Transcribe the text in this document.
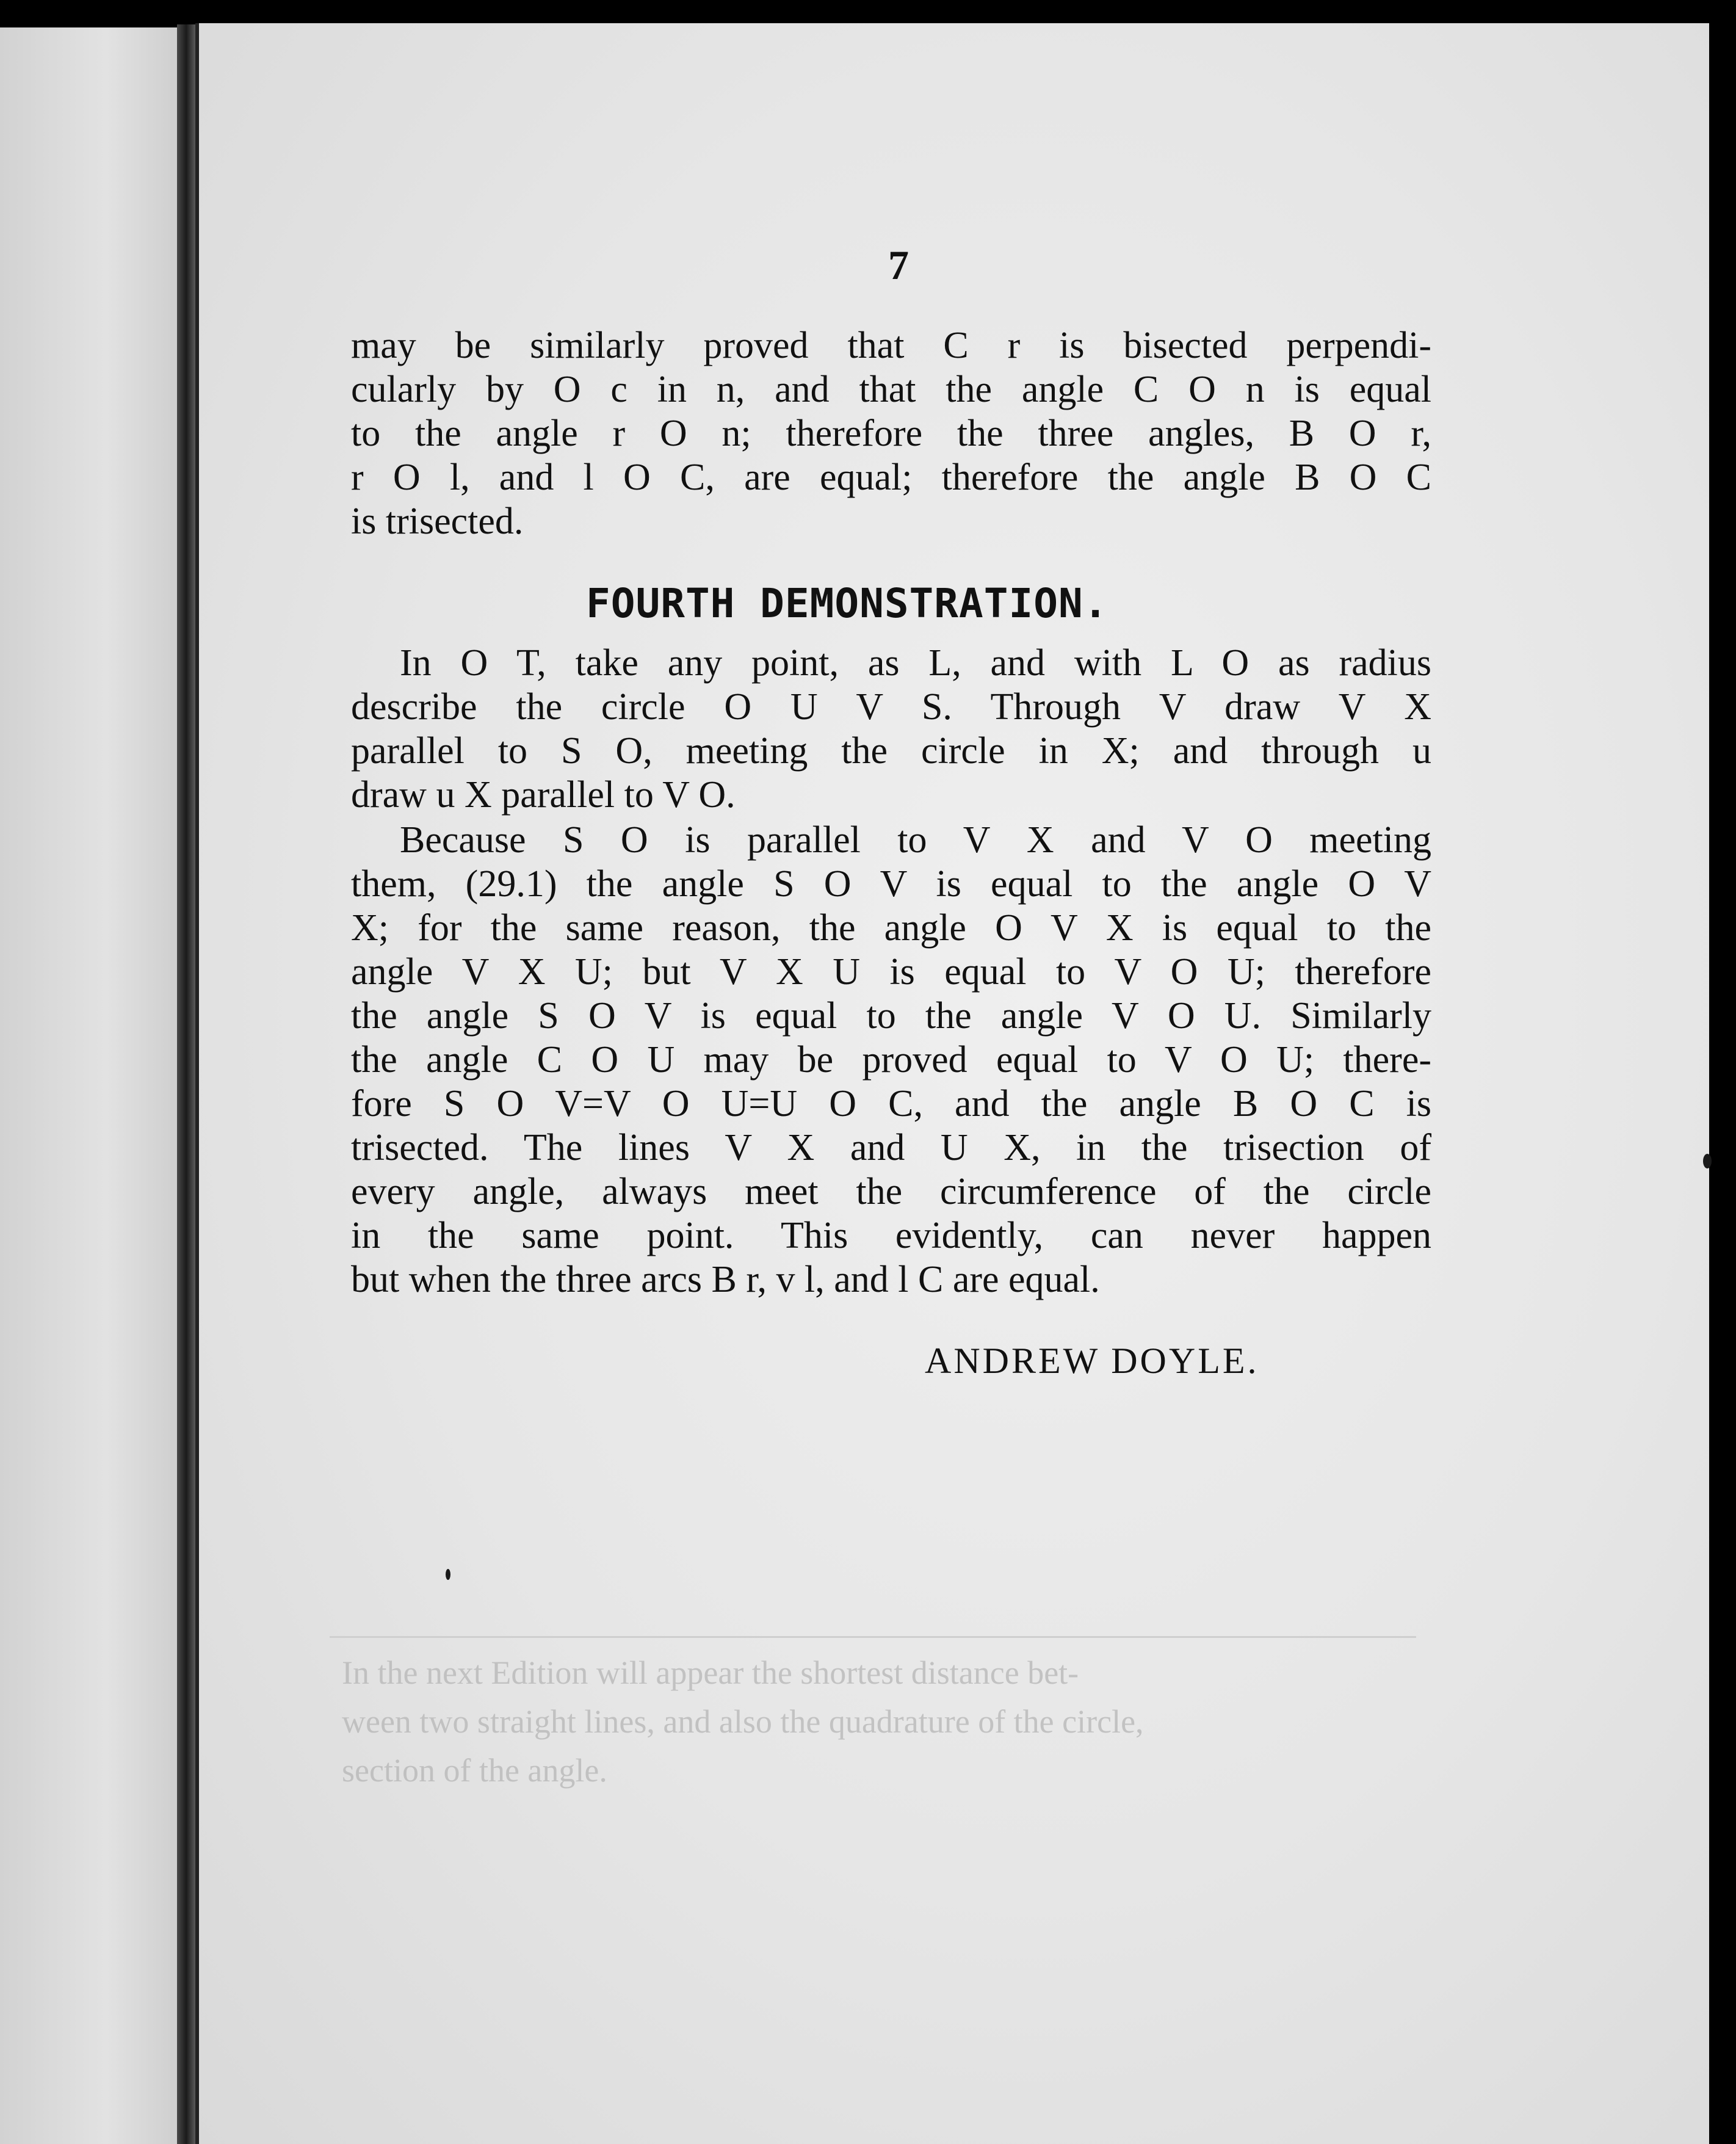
7
may be similarly proved that C r is bisected perpendi-
cularly by O c in n, and that the angle C O n is equal
to the angle r O n; therefore the three angles, B O r,
r O l, and l O C, are equal; therefore the angle B O C
is trisected.
FOURTH DEMONSTRATION.
In O T, take any point, as L, and with L O as radius
describe the circle O U V S. Through V draw V X
parallel to S O, meeting the circle in X; and through u
draw u X parallel to V O.
Because S O is parallel to V X and V O meeting
them, (29.1) the angle S O V is equal to the angle O V
X; for the same reason, the angle O V X is equal to the
angle V X U; but V X U is equal to V O U; therefore
the angle S O V is equal to the angle V O U. Similarly
the angle C O U may be proved equal to V O U; there-
fore S O V=V O U=U O C, and the angle B O C is
trisected. The lines V X and U X, in the trisection of
every angle, always meet the circumference of the circle
in the same point. This evidently, can never happen
but when the three arcs B r, v l, and l C are equal.
ANDREW DOYLE.
In the next Edition will appear the shortest distance bet-
ween two straight lines, and also the quadrature of the circle,
section of the angle.
